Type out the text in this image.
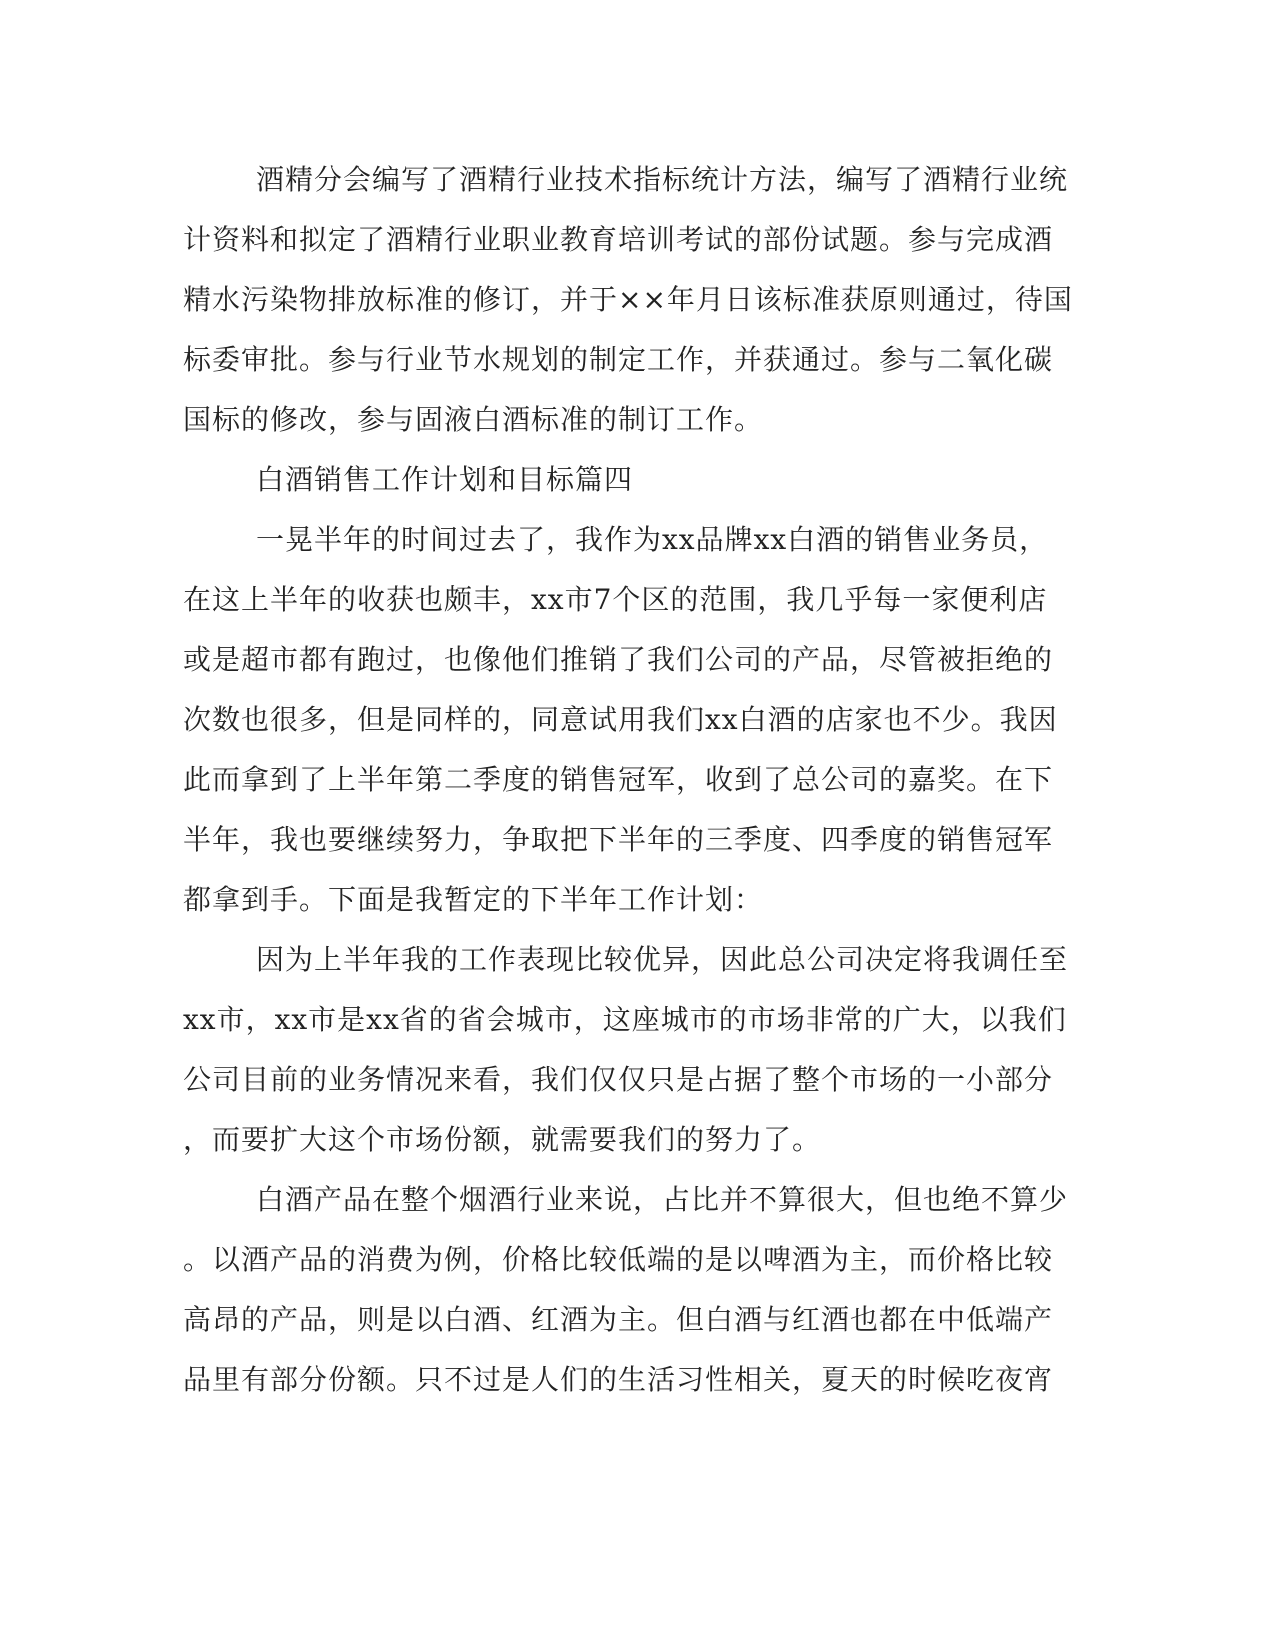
酒精分会编写了酒精行业技术指标统计方法，编写了酒精行业统
计资料和拟定了酒精行业职业教育培训考试的部份试题。参与完成酒
精水污染物排放标准的修订，并于××年月日该标准获原则通过，待国
标委审批。参与行业节水规划的制定工作，并获通过。参与二氧化碳
国标的修改，参与固液白酒标准的制订工作。
白酒销售工作计划和目标篇四
一晃半年的时间过去了，我作为xx品牌xx白酒的销售业务员，
在这上半年的收获也颇丰，xx市7个区的范围，我几乎每一家便利店
或是超市都有跑过，也像他们推销了我们公司的产品，尽管被拒绝的
次数也很多，但是同样的，同意试用我们xx白酒的店家也不少。我因
此而拿到了上半年第二季度的销售冠军，收到了总公司的嘉奖。在下
半年，我也要继续努力，争取把下半年的三季度、四季度的销售冠军
都拿到手。下面是我暂定的下半年工作计划：
因为上半年我的工作表现比较优异，因此总公司决定将我调任至
xx市，xx市是xx省的省会城市，这座城市的市场非常的广大，以我们
公司目前的业务情况来看，我们仅仅只是占据了整个市场的一小部分
，而要扩大这个市场份额，就需要我们的努力了。
白酒产品在整个烟酒行业来说，占比并不算很大，但也绝不算少
。以酒产品的消费为例，价格比较低端的是以啤酒为主，而价格比较
高昂的产品，则是以白酒、红酒为主。但白酒与红酒也都在中低端产
品里有部分份额。只不过是人们的生活习性相关，夏天的时候吃夜宵
